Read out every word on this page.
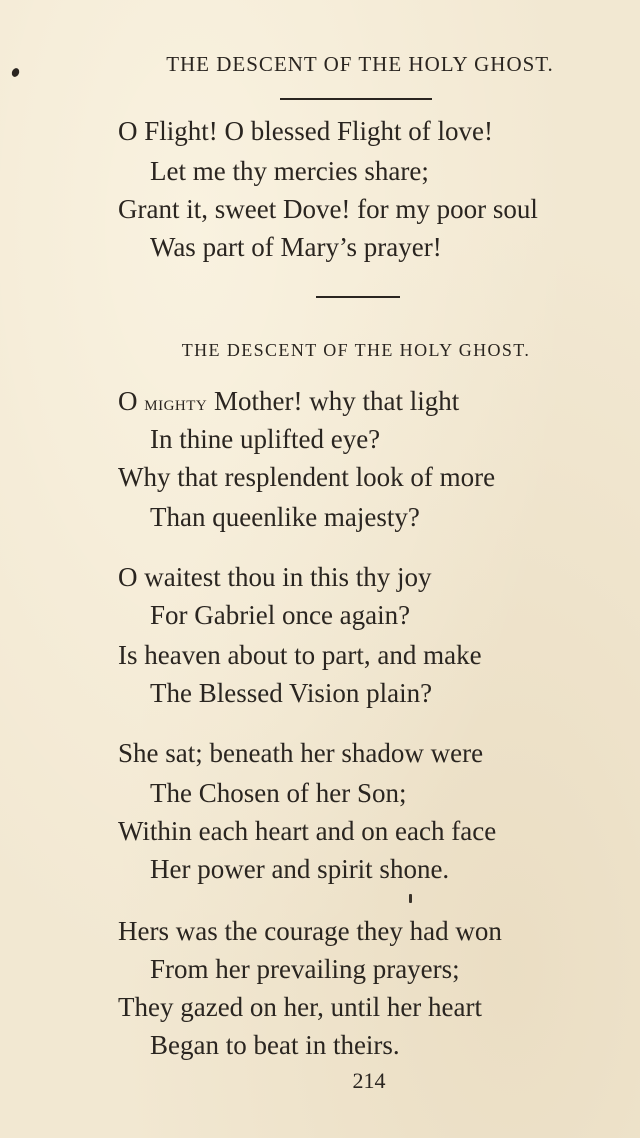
THE DESCENT OF THE HOLY GHOST.
O Flight! O blessed Flight of love!
Let me thy mercies share;
Grant it, sweet Dove! for my poor soul
Was part of Mary’s prayer!
THE DESCENT OF THE HOLY GHOST.
O mighty Mother! why that light
In thine uplifted eye?
Why that resplendent look of more
Than queenlike majesty?
O waitest thou in this thy joy
For Gabriel once again?
Is heaven about to part, and make
The Blessed Vision plain?
She sat; beneath her shadow were
The Chosen of her Son;
Within each heart and on each face
Her power and spirit shone.
Hers was the courage they had won
From her prevailing prayers;
They gazed on her, until her heart
Began to beat in theirs.
214
